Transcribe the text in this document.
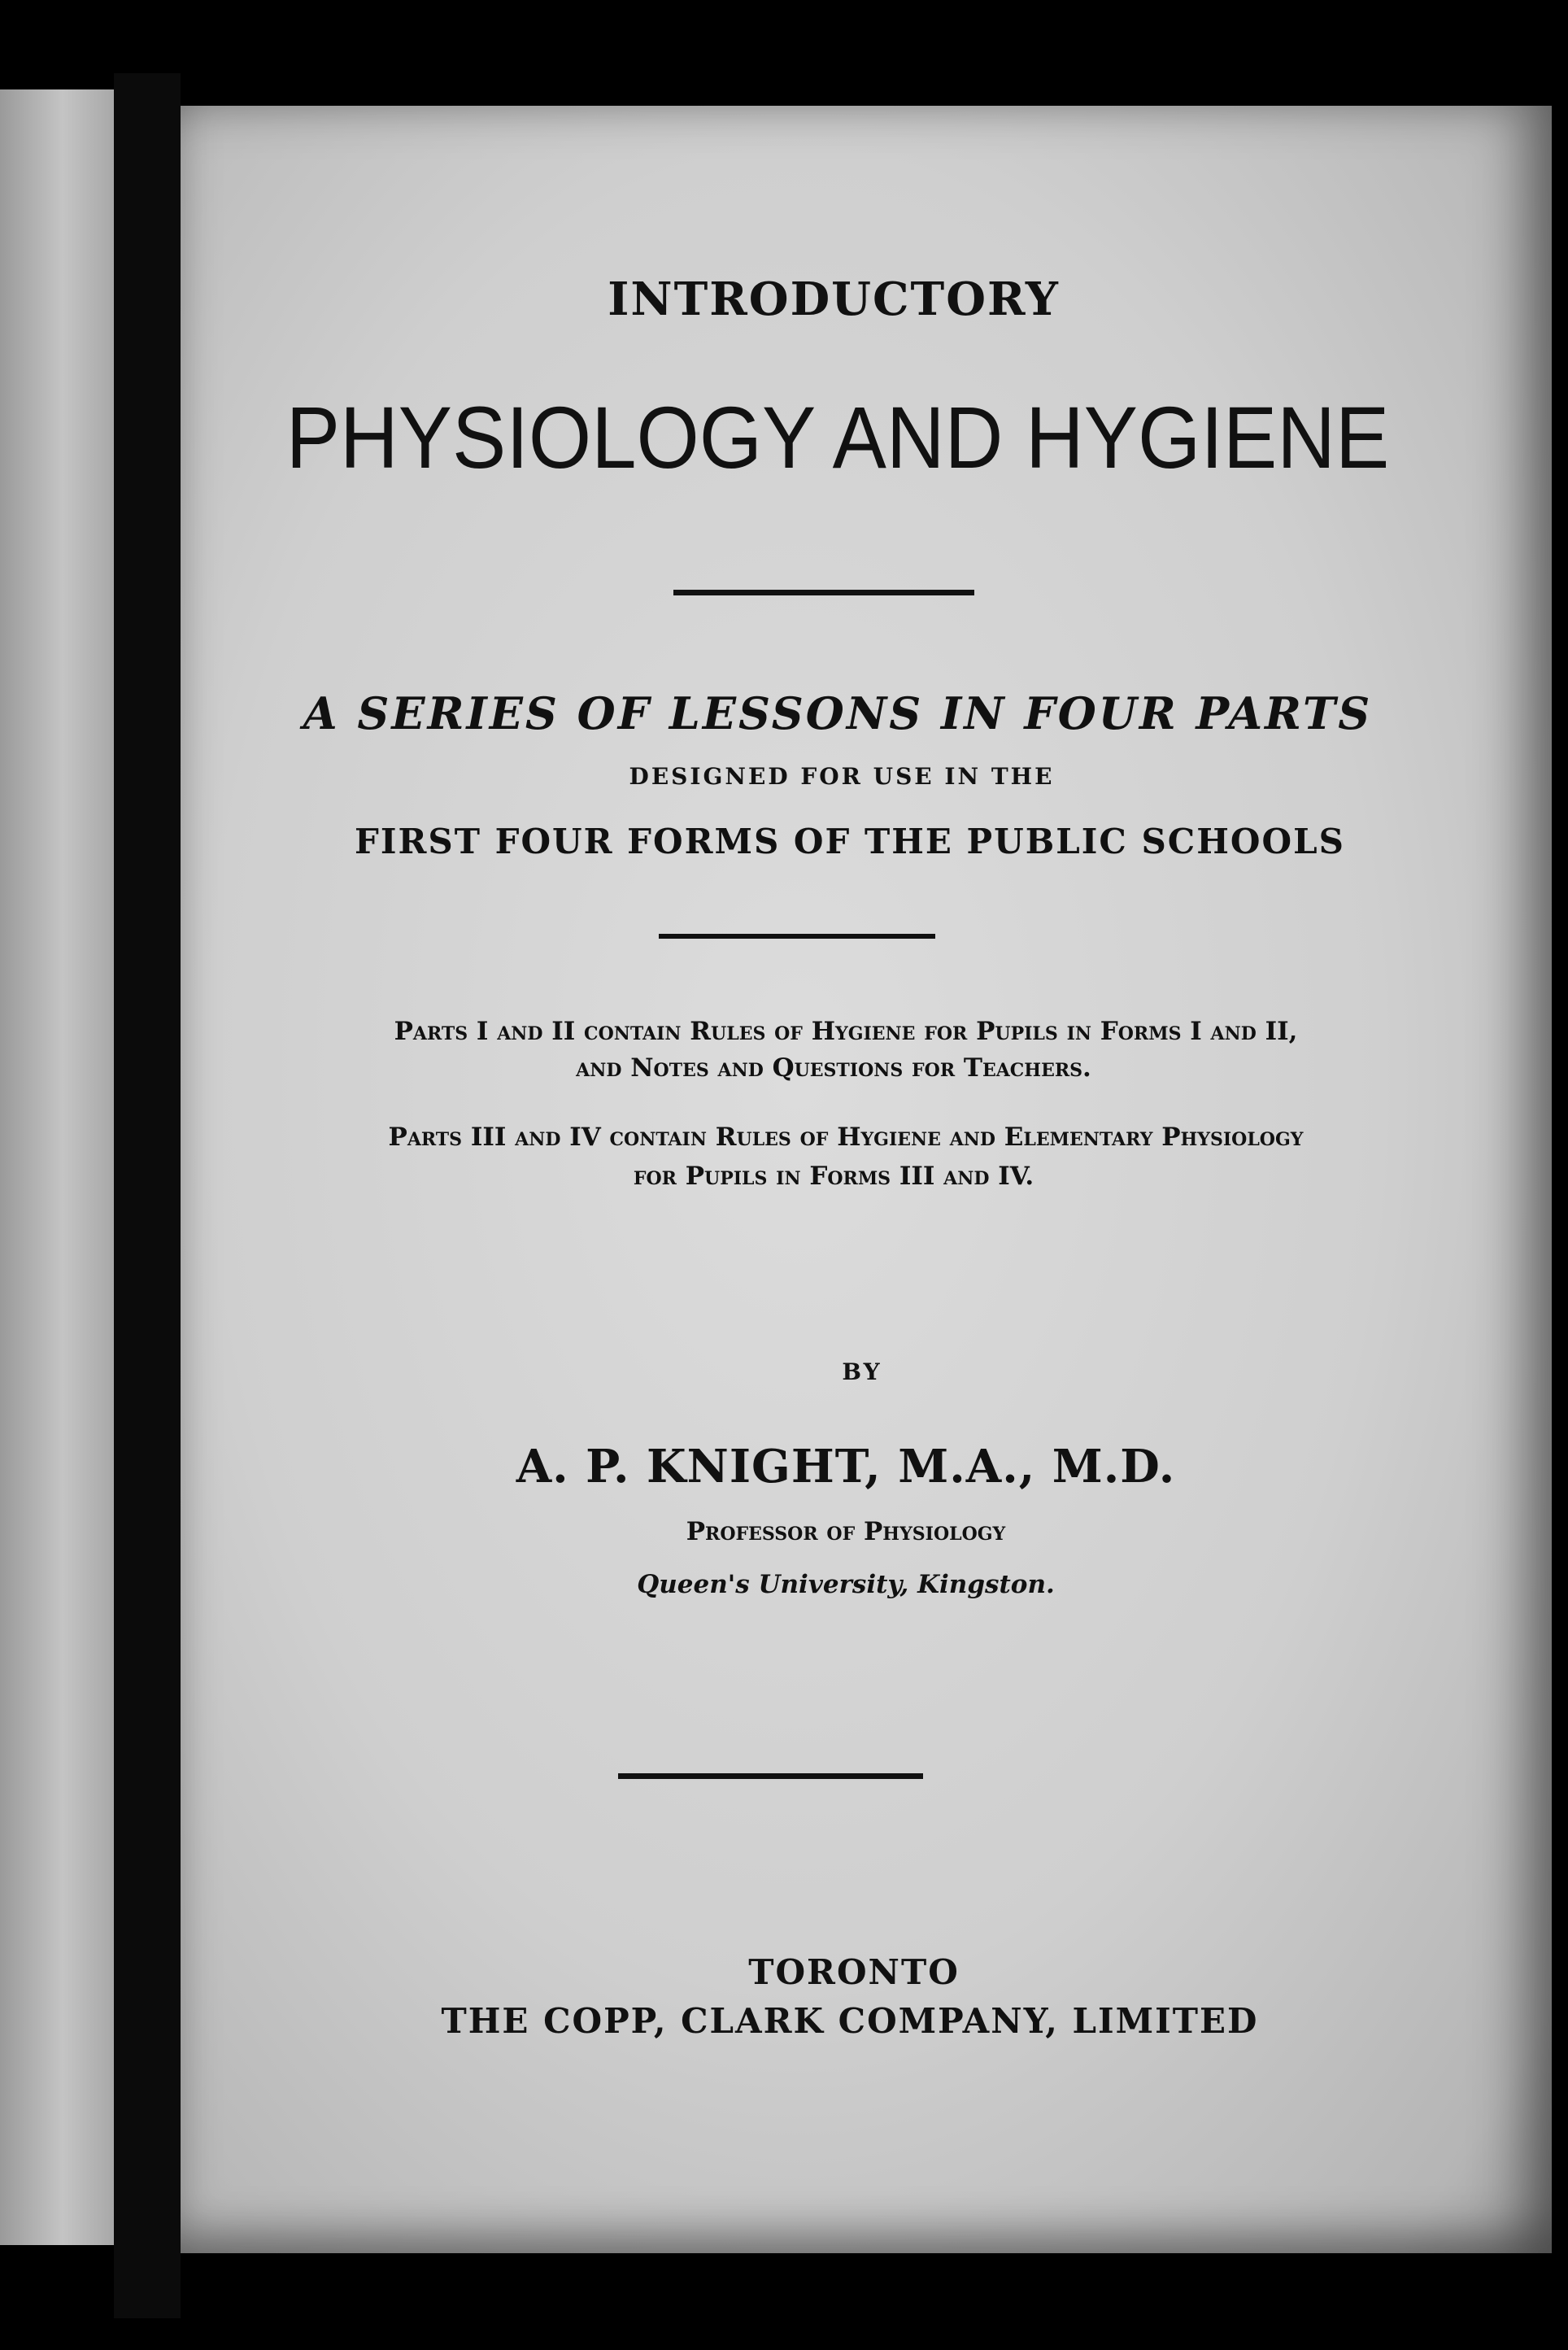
INTRODUCTORY
PHYSIOLOGY AND HYGIENE
A SERIES OF LESSONS IN FOUR PARTS
DESIGNED FOR USE IN THE
FIRST FOUR FORMS OF THE PUBLIC SCHOOLS
Parts I and II contain Rules of Hygiene for Pupils in Forms I and II,
and Notes and Questions for Teachers.
Parts III and IV contain Rules of Hygiene and Elementary Physiology
for Pupils in Forms III and IV.
BY
A. P. KNIGHT, M.A., M.D.
Professor of Physiology
Queen's University, Kingston.
TORONTO
THE COPP, CLARK COMPANY, LIMITED
